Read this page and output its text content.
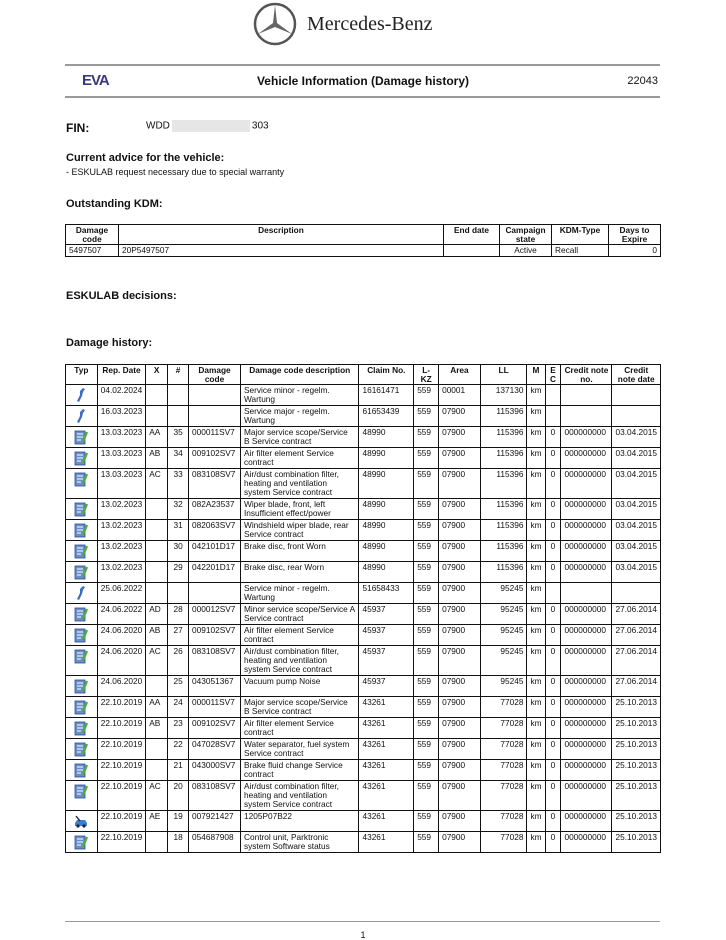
Mercedes-Benz
EVA	Vehicle Information (Damage history)	22043
FIN:	WDD	303
Current advice for the vehicle:
- ESKULAB request necessary due to special warranty
Outstanding KDM:
Damage code	Description	End date	Campaign state	KDM-Type	Days to Expire
5497507	20P5497507		Active	Recall	0
ESKULAB decisions:
Damage history:
Typ	Rep. Date	X	#	Damage code	Damage code description	Claim No.	L-KZ	Area	LL	M	E C	Credit note no.	Credit note date

	04.02.2024				Service minor - regelm. Wartung	16161471	559	00001	137130	km			

	16.03.2023				Service major - regelm. Wartung	61653439	559	07900	115396	km			

	13.03.2023	AA	35	000011SV7	Major service scope/Service B Service contract	48990	559	07900	115396	km	0	000000000	03.04.2015

	13.03.2023	AB	34	009102SV7	Air filter element Service contract	48990	559	07900	115396	km	0	000000000	03.04.2015

	13.03.2023	AC	33	083108SV7	Air/dust combination filter, heating and ventilation system Service contract	48990	559	07900	115396	km	0	000000000	03.04.2015

	13.02.2023		32	082A23537	Wiper blade, front, left Insufficient effect/power	48990	559	07900	115396	km	0	000000000	03.04.2015

	13.02.2023		31	082063SV7	Windshield wiper blade, rear Service contract	48990	559	07900	115396	km	0	000000000	03.04.2015

	13.02.2023		30	042101D17	Brake disc, front Worn	48990	559	07900	115396	km	0	000000000	03.04.2015

	13.02.2023		29	042201D17	Brake disc, rear Worn	48990	559	07900	115396	km	0	000000000	03.04.2015

	25.06.2022				Service minor - regelm. Wartung	51658433	559	07900	95245	km			

	24.06.2022	AD	28	000012SV7	Minor service scope/Service A Service contract	45937	559	07900	95245	km	0	000000000	27.06.2014

	24.06.2020	AB	27	009102SV7	Air filter element Service contract	45937	559	07900	95245	km	0	000000000	27.06.2014

	24.06.2020	AC	26	083108SV7	Air/dust combination filter, heating and ventilation system Service contract	45937	559	07900	95245	km	0	000000000	27.06.2014

	24.06.2020		25	043051367	Vacuum pump Noise	45937	559	07900	95245	km	0	000000000	27.06.2014

	22.10.2019	AA	24	000011SV7	Major service scope/Service B Service contract	43261	559	07900	77028	km	0	000000000	25.10.2013

	22.10.2019	AB	23	009102SV7	Air filter element Service contract	43261	559	07900	77028	km	0	000000000	25.10.2013

	22.10.2019		22	047028SV7	Water separator, fuel system Service contract	43261	559	07900	77028	km	0	000000000	25.10.2013

	22.10.2019		21	043000SV7	Brake fluid change Service contract	43261	559	07900	77028	km	0	000000000	25.10.2013

	22.10.2019	AC	20	083108SV7	Air/dust combination filter, heating and ventilation system Service contract	43261	559	07900	77028	km	0	000000000	25.10.2013

	22.10.2019	AE	19	007921427	1205P07B22	43261	559	07900	77028	km	0	000000000	25.10.2013

	22.10.2019		18	054687908	Control unit, Parktronic system Software status	43261	559	07900	77028	km	0	000000000	25.10.2013
1
